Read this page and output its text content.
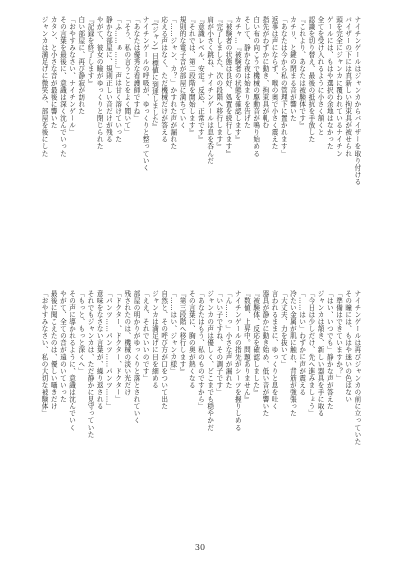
ナイチンゲールはジャンカからバイザーを取り付ける
バイザーの下には真新しい拘束具が被せられ
頭を完全にジャンカに覆われているナイチン
ゲールには、もはや選択の余地はなかった
全てを受け入れるように小さく頷くと
認識を切り替え、最後の抵抗を手放した
『これより、あなたは被験体です』
カチリ、と鍵の閉まる音が響いた
「あなたは今から私の管理下に置かれます」
返事は声にならず、喉の奥で小さく震えた
指先がわずかに動き、拘束具が軋む
白い布の向こうで機械の駆動音が鳴り始める
そして、静かな夜は始まりを告げた
カチャ…『被験者の状態を確認します』
『被験者の状態は良好、処置を続行します』
『完了しました、次の段階へ移行します』
肩が小さく跳ね、ナイチンゲールは息を呑んだ
『意識レベル、安定。反応、正常です』
『それでは、第二段階を開始します』
規則的な電子音が部屋に満ちていく
「……ジャン、カ？」かすれた声が漏れた
応える声はなく、ただ機械だけが答える
『(ジャン) 目標値に到達しました』
ナイチンゲールの呼吸が、ゆっくりと整っていく
「あなたは優秀な看護師ですね」
「そう、私の言うことをよく聞いて」
「ふ……ぁ……」声は甘く溶けていった
静かな部屋に、規則正しい音だけが残る
やがて、彼女の瞼がゆっくりと閉じられた
『記録を終了します』
白い部屋に、再び静寂が訪れた
「おやすみなさい、ナイチンゲール」
その言葉を最後に、意識は深く沈んでいった
カタン、と小さな音が最後に響いた
ジャンカは満足げに微笑み、部屋を後にした
ナイチンゲールは再びジャンカの前に立っていた
その瞳には、もはや迷いの色はない
「準備はできていますか？」
「はい、いつでも」静かな声が答えた
ジャンカは頷き、新しい器具を手に取る
「今日は少しだけ、先へ進みましょう」
「……はい」わずかに声が震える
冷たい金属が肌に触れ、背筋が強張った
「大丈夫、力を抜いて」
言われるままに、ゆっくりと息を吐く
器具が静かに動き始め、低い音が響いた
『被験体、反応を確認しました』
『数値、上昇中。問題ありません』
ナイチンゲールの指先がシーツを握りしめる
「ん……っ」小さな声が漏れた
「いい子ですね、その調子です」
ジャンカの声は優しく、どこまでも穏やかだ
「あなたはもう、私のものですから」
その言葉に、胸の奥が熱くなる
『第三段階へ移行します』
「……はい、ジャンカ様」
自然と、その呼び方が口をついて出た
ジャンカは満足げに目を細める
「ええ、それでいいのです」
部屋の明かりがゆっくりと落とされていく
残されたのは、機械の淡い光だけ
「ドクター、ドクター、ドクター」
「パンツ……パンツ……パンツ……」
意味をなさない言葉が、繰り返される
それでもジャンカは、ただ静かに見守っていた
「もっと、もっと深くへ」
その声に導かれるように、意識は沈んでいく
やがて、全ての音が遠のいていった
最後に聞こえたのは、優しい囁きだけ
「おやすみなさい、私の大切な被験体」
30
